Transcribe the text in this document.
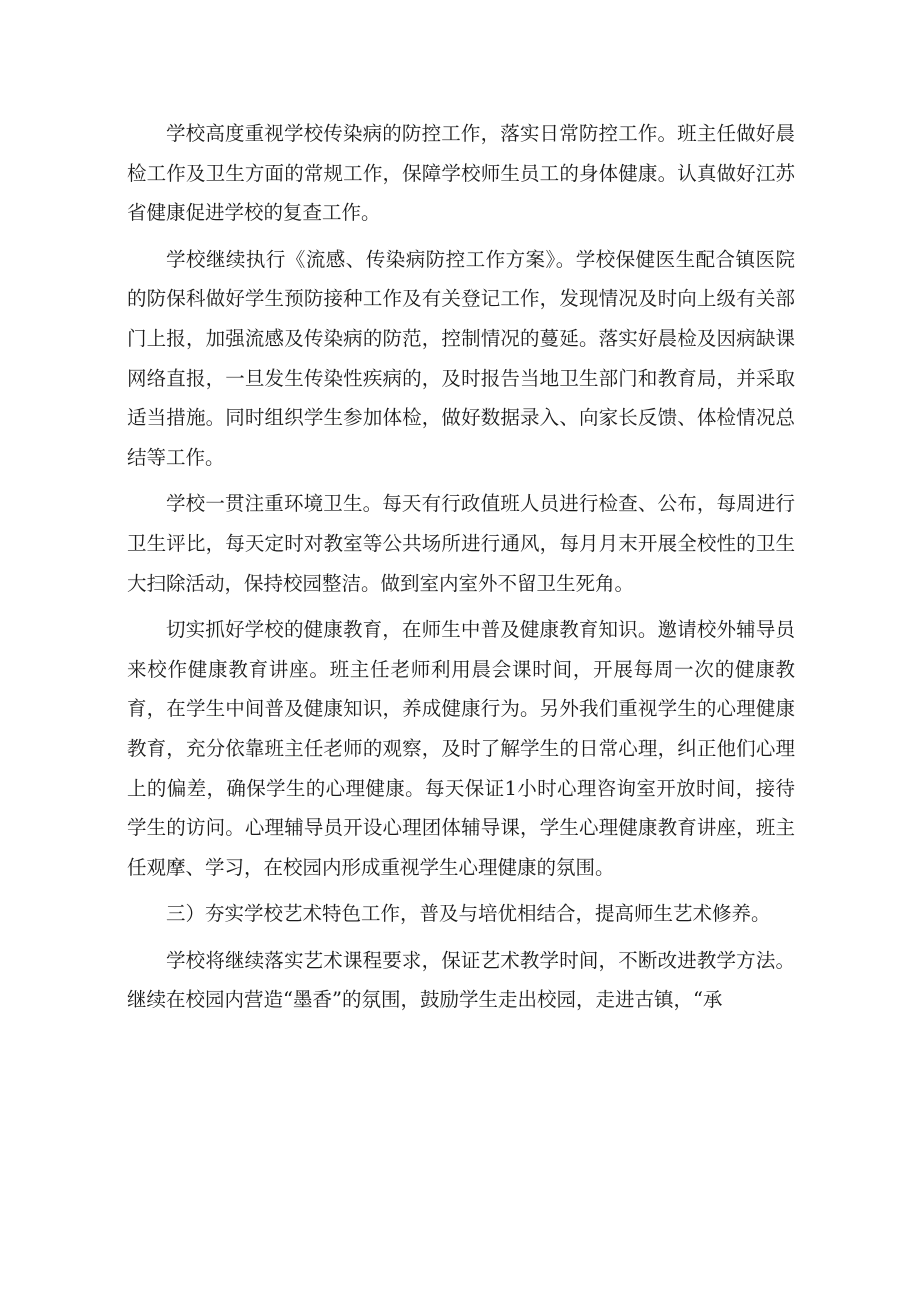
学校高度重视学校传染病的防控工作，落实日常防控工作。班主任做好晨检工作及卫生方面的常规工作，保障学校师生员工的身体健康。认真做好江苏省健康促进学校的复查工作。

学校继续执行《流感、传染病防控工作方案》。学校保健医生配合镇医院的防保科做好学生预防接种工作及有关登记工作，发现情况及时向上级有关部门上报，加强流感及传染病的防范，控制情况的蔓延。落实好晨检及因病缺课网络直报，一旦发生传染性疾病的，及时报告当地卫生部门和教育局，并采取适当措施。同时组织学生参加体检，做好数据录入、向家长反馈、体检情况总结等工作。

学校一贯注重环境卫生。每天有行政值班人员进行检查、公布，每周进行卫生评比，每天定时对教室等公共场所进行通风，每月月末开展全校性的卫生大扫除活动，保持校园整洁。做到室内室外不留卫生死角。

切实抓好学校的健康教育，在师生中普及健康教育知识。邀请校外辅导员来校作健康教育讲座。班主任老师利用晨会课时间，开展每周一次的健康教育，在学生中间普及健康知识，养成健康行为。另外我们重视学生的心理健康教育，充分依靠班主任老师的观察，及时了解学生的日常心理，纠正他们心理上的偏差，确保学生的心理健康。每天保证1小时心理咨询室开放时间，接待学生的访问。心理辅导员开设心理团体辅导课，学生心理健康教育讲座，班主任观摩、学习，在校园内形成重视学生心理健康的氛围。

三）夯实学校艺术特色工作，普及与培优相结合，提高师生艺术修养。

学校将继续落实艺术课程要求，保证艺术教学时间，不断改进教学方法。继续在校园内营造“墨香”的氛围，鼓励学生走出校园，走进古镇，“承
